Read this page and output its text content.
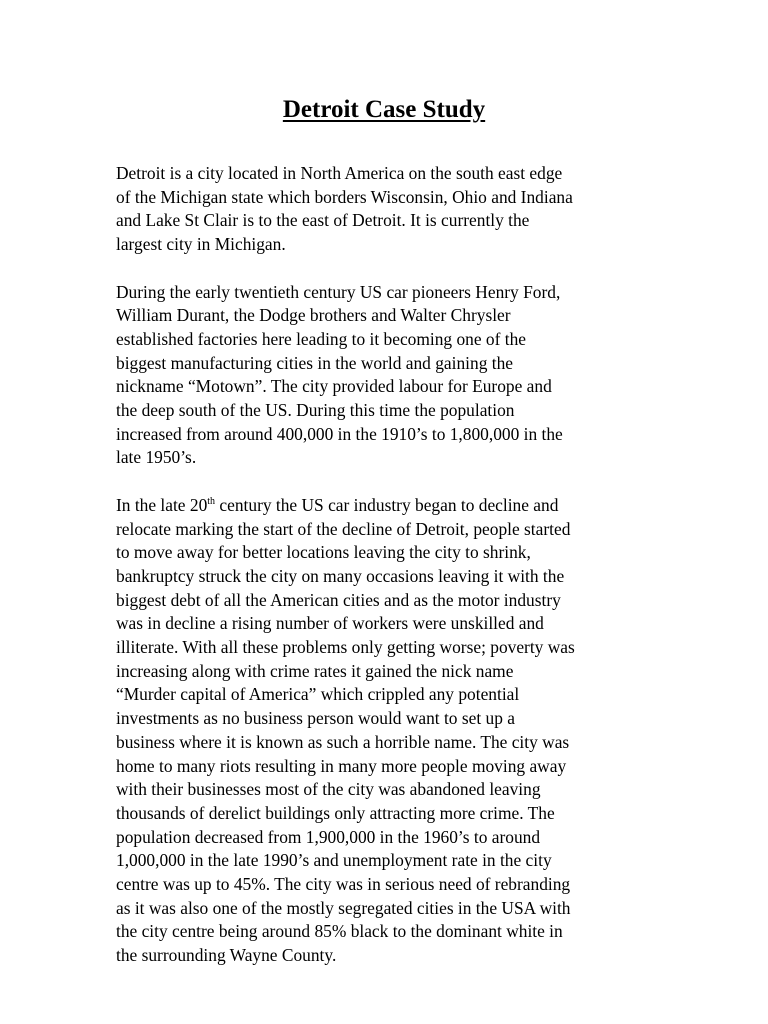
Detroit Case Study

Detroit is a city located in North America on the south east edge
of the Michigan state which borders Wisconsin, Ohio and Indiana
and Lake St Clair is to the east of Detroit. It is currently the
largest city in Michigan.

During the early twentieth century US car pioneers Henry Ford,
William Durant, the Dodge brothers and Walter Chrysler
established factories here leading to it becoming one of the
biggest manufacturing cities in the world and gaining the
nickname “Motown”. The city provided labour for Europe and
the deep south of the US. During this time the population
increased from around 400,000 in the 1910’s to 1,800,000 in the
late 1950’s.

In the late 20th century the US car industry began to decline and
relocate marking the start of the decline of Detroit, people started
to move away for better locations leaving the city to shrink,
bankruptcy struck the city on many occasions leaving it with the
biggest debt of all the American cities and as the motor industry
was in decline a rising number of workers were unskilled and
illiterate. With all these problems only getting worse; poverty was
increasing along with crime rates it gained the nick name
“Murder capital of America” which crippled any potential
investments as no business person would want to set up a
business where it is known as such a horrible name. The city was
home to many riots resulting in many more people moving away
with their businesses most of the city was abandoned leaving
thousands of derelict buildings only attracting more crime. The
population decreased from 1,900,000 in the 1960’s to around
1,000,000 in the late 1990’s and unemployment rate in the city
centre was up to 45%. The city was in serious need of rebranding
as it was also one of the mostly segregated cities in the USA with
the city centre being around 85% black to the dominant white in
the surrounding Wayne County.
